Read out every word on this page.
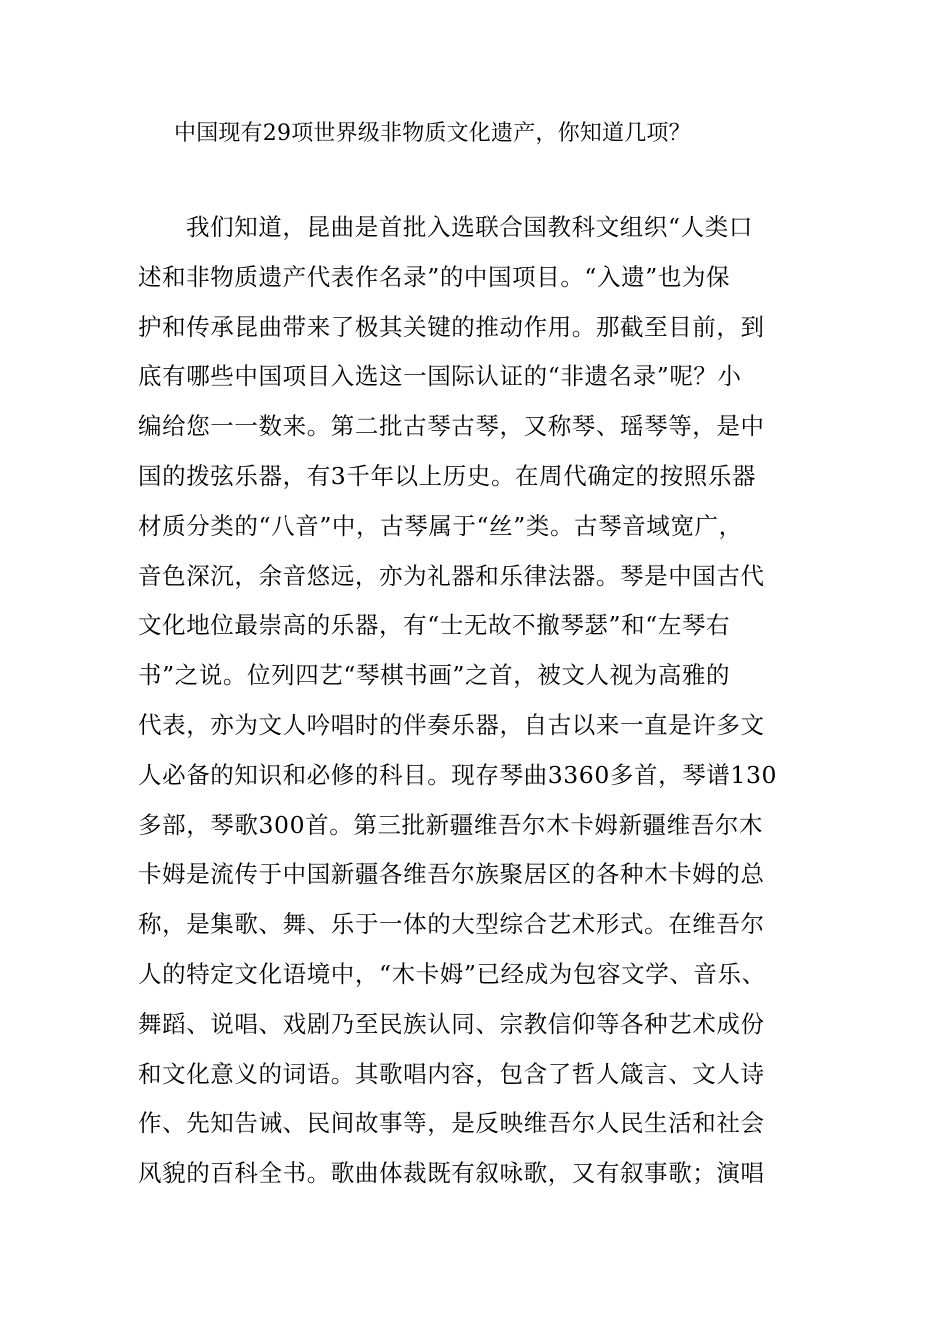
中国现有29项世界级非物质文化遗产，你知道几项？
我们知道，昆曲是首批入选联合国教科文组织“人类口
述和非物质遗产代表作名录”的中国项目。“入遗”也为保
护和传承昆曲带来了极其关键的推动作用。那截至目前，到
底有哪些中国项目入选这一国际认证的“非遗名录”呢？小
编给您一一数来。第二批古琴古琴，又称琴、瑶琴等，是中
国的拨弦乐器，有3千年以上历史。在周代确定的按照乐器
材质分类的“八音”中，古琴属于“丝”类。古琴音域宽广，
音色深沉，余音悠远，亦为礼器和乐律法器。琴是中国古代
文化地位最崇高的乐器，有“士无故不撤琴瑟”和“左琴右
书”之说。位列四艺“琴棋书画”之首，被文人视为高雅的
代表，亦为文人吟唱时的伴奏乐器，自古以来一直是许多文
人必备的知识和必修的科目。现存琴曲3360多首，琴谱130
多部，琴歌300首。第三批新疆维吾尔木卡姆新疆维吾尔木
卡姆是流传于中国新疆各维吾尔族聚居区的各种木卡姆的总
称，是集歌、舞、乐于一体的大型综合艺术形式。在维吾尔
人的特定文化语境中，“木卡姆”已经成为包容文学、音乐、
舞蹈、说唱、戏剧乃至民族认同、宗教信仰等各种艺术成份
和文化意义的词语。其歌唱内容，包含了哲人箴言、文人诗
作、先知告诫、民间故事等，是反映维吾尔人民生活和社会
风貌的百科全书。歌曲体裁既有叙咏歌，又有叙事歌；演唱
